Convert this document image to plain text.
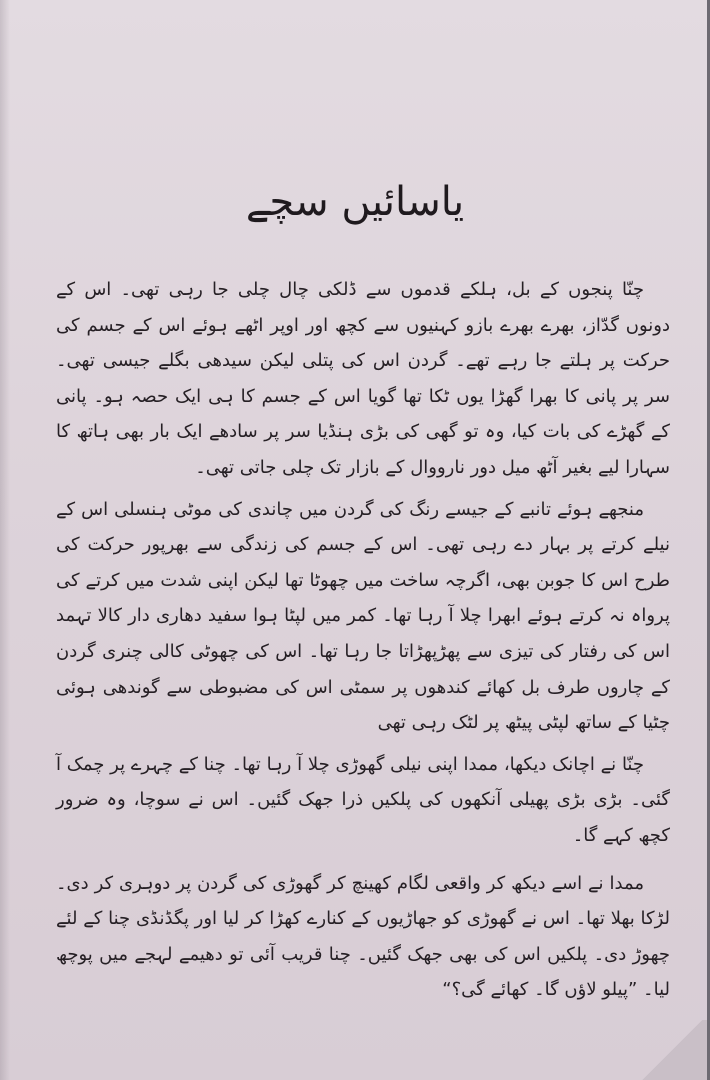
یاسائیں سچے

چنّا پنجوں کے بل، ہلکے قدموں سے ڈلکی چال چلی جا رہی تھی۔ اس کے دونوں گدّاز، بھرے بھرے بازو کہنیوں سے کچھ اور اوپر اٹھے ہوئے اس کے جسم کی حرکت پر ہلتے جا رہے تھے۔ گردن اس کی پتلی لیکن سیدھی بگلے جیسی تھی۔ سر پر پانی کا بھرا گھڑا یوں ٹکا تھا گویا اس کے جسم کا ہی ایک حصہ ہو۔ پانی کے گھڑے کی بات کیا، وہ تو گھی کی بڑی ہنڈیا سر پر سادھے ایک بار بھی ہاتھ کا سہارا لیے بغیر آٹھ میل دور نارووال کے بازار تک چلی جاتی تھی۔

منجھے ہوئے تانبے کے جیسے رنگ کی گردن میں چاندی کی موٹی ہنسلی اس کے نیلے کرتے پر بہار دے رہی تھی۔ اس کے جسم کی زندگی سے بھرپور حرکت کی طرح اس کا جوبن بھی، اگرچہ ساخت میں چھوٹا تھا لیکن اپنی شدت میں کرتے کی پرواہ نہ کرتے ہوئے ابھرا چلا آ رہا تھا۔ کمر میں لپٹا ہوا سفید دھاری دار کالا تہمد اس کی رفتار کی تیزی سے پھڑپھڑاتا جا رہا تھا۔ اس کی چھوٹی کالی چنری گردن کے چاروں طرف بل کھائے کندھوں پر سمٹی اس کی مضبوطی سے گوندھی ہوئی چٹیا کے ساتھ لپٹی پیٹھ پر لٹک رہی تھی

چنّا نے اچانک دیکھا، ممدا اپنی نیلی گھوڑی چلا آ رہا تھا۔ چنا کے چہرے پر چمک آ گئی۔ بڑی بڑی پھیلی آنکھوں کی پلکیں ذرا جھک گئیں۔ اس نے سوچا، وہ ضرور کچھ کہے گا۔

ممدا نے اسے دیکھ کر واقعی لگام کھینچ کر گھوڑی کی گردن پر دوہری کر دی۔ لڑکا بھلا تھا۔ اس نے گھوڑی کو جھاڑیوں کے کنارے کھڑا کر لیا اور پگڈنڈی چنا کے لئے چھوڑ دی۔ پلکیں اس کی بھی جھک گئیں۔ چنا قریب آئی تو دھیمے لہجے میں پوچھ لیا۔ ”پیلو لاؤں گا۔ کھائے گی؟“
